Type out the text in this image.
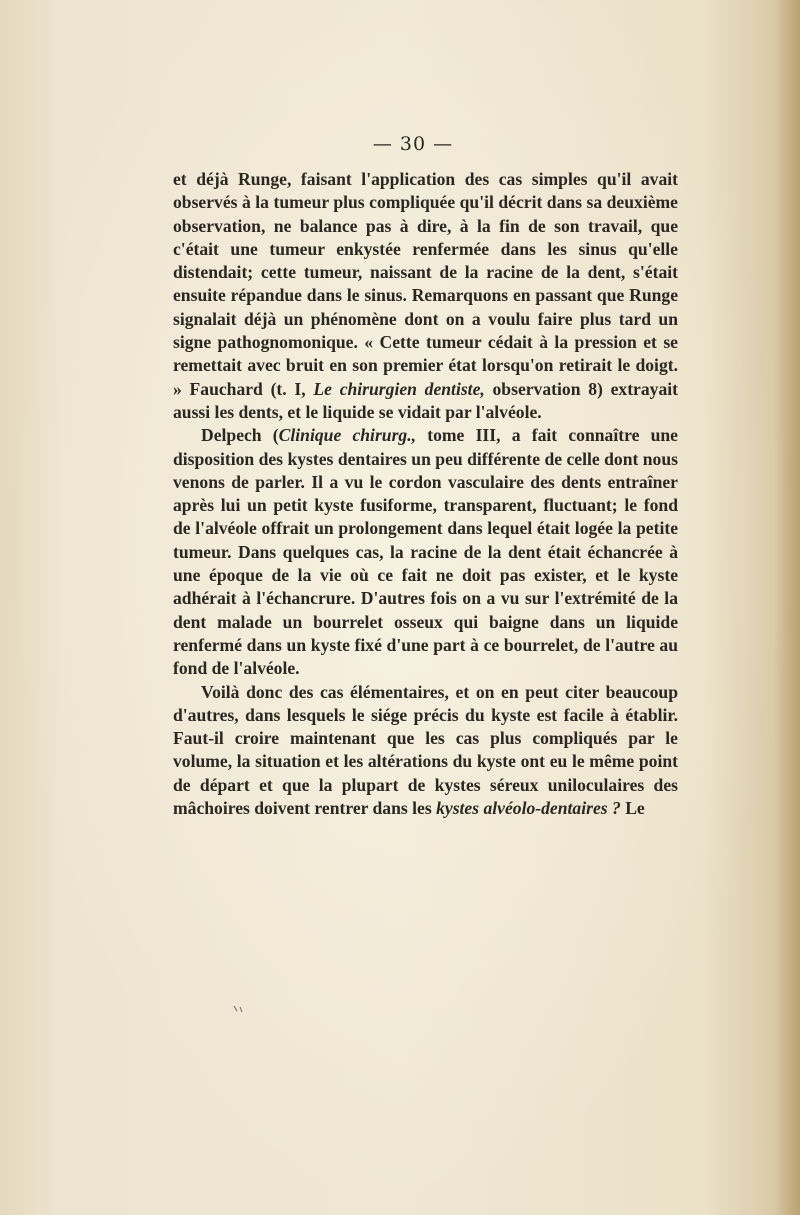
— 30 —

et déjà Runge, faisant l'application des cas simples qu'il avait observés à la tumeur plus compliquée qu'il décrit dans sa deuxième observation, ne balance pas à dire, à la fin de son travail, que c'était une tumeur enkystée renfermée dans les sinus qu'elle distendait; cette tumeur, naissant de la racine de la dent, s'était ensuite répandue dans le sinus. Remarquons en passant que Runge signalait déjà un phénomène dont on a voulu faire plus tard un signe pathognomonique. « Cette tumeur cédait à la pression et se remettait avec bruit en son premier état lorsqu'on retirait le doigt. » Fauchard (t. I, Le chirurgien dentiste, observation 8) extrayait aussi les dents, et le liquide se vidait par l'alvéole.

Delpech (Clinique chirurg., tome III, a fait connaître une disposition des kystes dentaires un peu différente de celle dont nous venons de parler. Il a vu le cordon vasculaire des dents entraîner après lui un petit kyste fusiforme, transparent, fluctuant; le fond de l'alvéole offrait un prolongement dans lequel était logée la petite tumeur. Dans quelques cas, la racine de la dent était échancrée à une époque de la vie où ce fait ne doit pas exister, et le kyste adhérait à l'échancrure. D'autres fois on a vu sur l'extrémité de la dent malade un bourrelet osseux qui baigne dans un liquide renfermé dans un kyste fixé d'une part à ce bourrelet, de l'autre au fond de l'alvéole.

Voilà donc des cas élémentaires, et on en peut citer beaucoup d'autres, dans lesquels le siége précis du kyste est facile à établir. Faut-il croire maintenant que les cas plus compliqués par le volume, la situation et les altérations du kyste ont eu le même point de départ et que la plupart de kystes séreux uniloculaires des mâchoires doivent rentrer dans les kystes alvéolo-dentaires ? Le
